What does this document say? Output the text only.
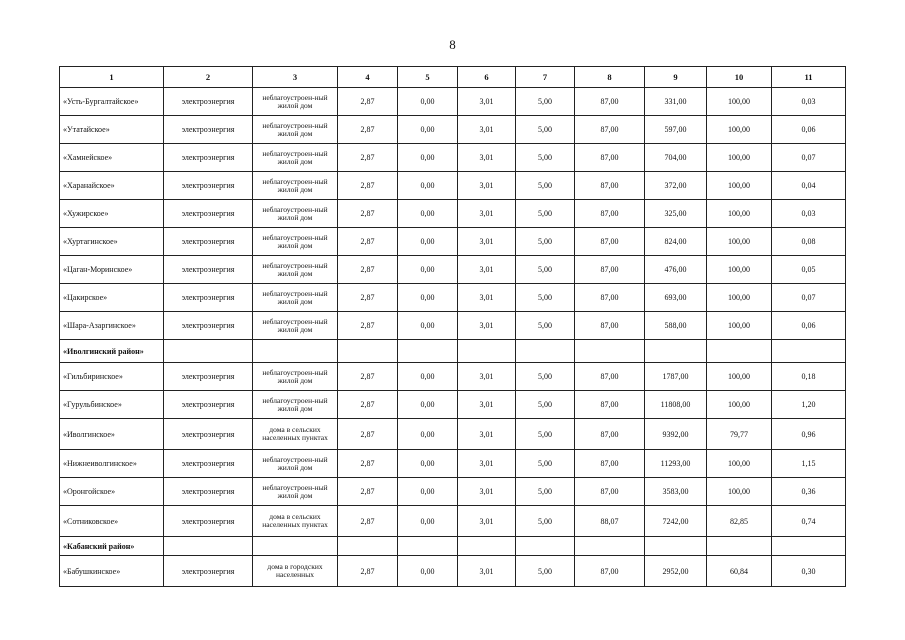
8
1	2	3	4	5	6	7	8	9	10	11
«Усть-Бургалтайское»	электроэнергия	неблагоустроен-ный жилой дом	2,87	0,00	3,01	5,00	87,00	331,00	100,00	0,03
«Утатайское»	электроэнергия	неблагоустроен-ный жилой дом	2,87	0,00	3,01	5,00	87,00	597,00	100,00	0,06
«Хамнейское»	электроэнергия	неблагоустроен-ный жилой дом	2,87	0,00	3,01	5,00	87,00	704,00	100,00	0,07
«Харанайское»	электроэнергия	неблагоустроен-ный жилой дом	2,87	0,00	3,01	5,00	87,00	372,00	100,00	0,04
«Хужирское»	электроэнергия	неблагоустроен-ный жилой дом	2,87	0,00	3,01	5,00	87,00	325,00	100,00	0,03
«Хуртагинское»	электроэнергия	неблагоустроен-ный жилой дом	2,87	0,00	3,01	5,00	87,00	824,00	100,00	0,08
«Цаган-Моринское»	электроэнергия	неблагоустроен-ный жилой дом	2,87	0,00	3,01	5,00	87,00	476,00	100,00	0,05
«Цакирское»	электроэнергия	неблагоустроен-ный жилой дом	2,87	0,00	3,01	5,00	87,00	693,00	100,00	0,07
«Шара-Азаргинское»	электроэнергия	неблагоустроен-ный жилой дом	2,87	0,00	3,01	5,00	87,00	588,00	100,00	0,06
«Иволгинский район»										
«Гильбиринское»	электроэнергия	неблагоустроен-ный жилой дом	2,87	0,00	3,01	5,00	87,00	1787,00	100,00	0,18
«Гурульбинское»	электроэнергия	неблагоустроен-ный жилой дом	2,87	0,00	3,01	5,00	87,00	11808,00	100,00	1,20
«Иволгинское»	электроэнергия	дома в сельских населенных пунктах	2,87	0,00	3,01	5,00	87,00	9392,00	79,77	0,96
«Нижнеиволгинское»	электроэнергия	неблагоустроен-ный жилой дом	2,87	0,00	3,01	5,00	87,00	11293,00	100,00	1,15
«Оронгойское»	электроэнергия	неблагоустроен-ный жилой дом	2,87	0,00	3,01	5,00	87,00	3583,00	100,00	0,36
«Сотниковское»	электроэнергия	дома в сельских населенных пунктах	2,87	0,00	3,01	5,00	88,07	7242,00	82,85	0,74
«Кабанский район»										
«Бабушкинское»	электроэнергия	дома в городских населенных	2,87	0,00	3,01	5,00	87,00	2952,00	60,84	0,30
